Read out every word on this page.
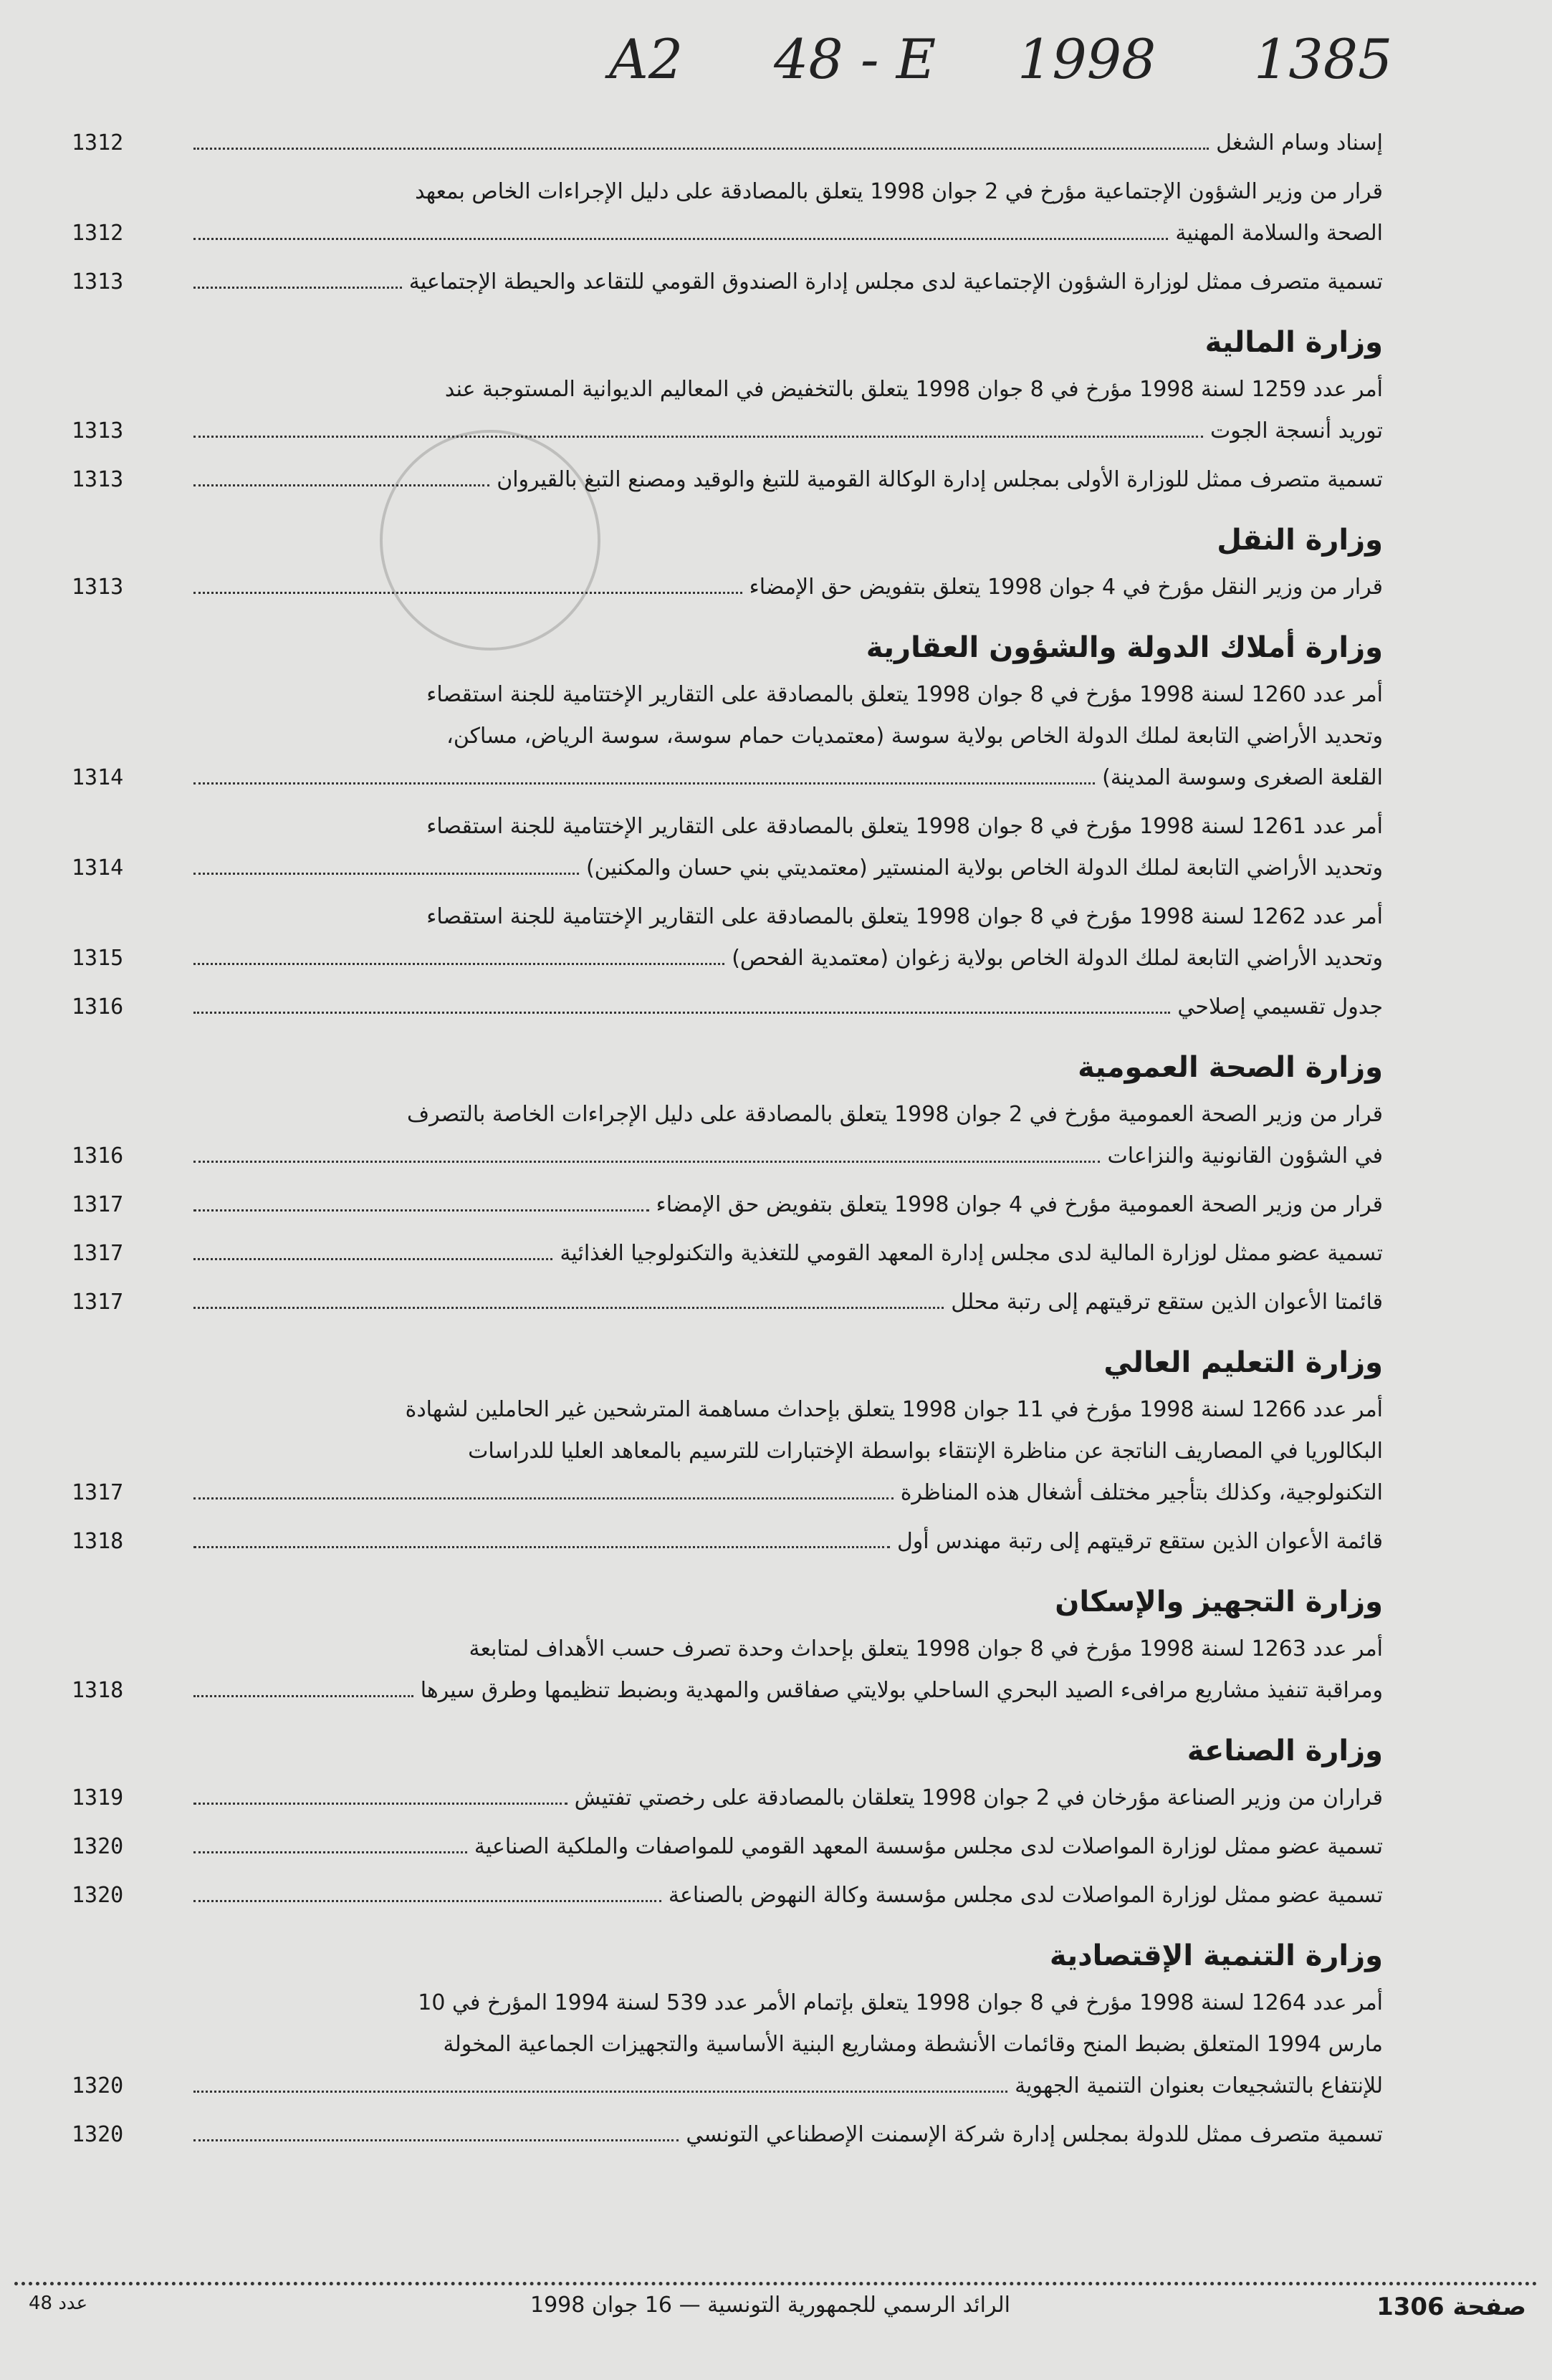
A2 48 - E 1998 1385
إسناد وسام الشغل
1312
قرار من وزير الشؤون الإجتماعية مؤرخ في 2 جوان 1998 يتعلق بالمصادقة على دليل الإجراءات الخاص بمعهد
الصحة والسلامة المهنية
1312
تسمية متصرف ممثل لوزارة الشؤون الإجتماعية لدى مجلس إدارة الصندوق القومي للتقاعد والحيطة الإجتماعية
1313
وزارة المالية
أمر عدد 1259 لسنة 1998 مؤرخ في 8 جوان 1998 يتعلق بالتخفيض في المعاليم الديوانية المستوجبة عند
توريد أنسجة الجوت
1313
تسمية متصرف ممثل للوزارة الأولى بمجلس إدارة الوكالة القومية للتبغ والوقيد ومصنع التبغ بالقيروان
1313
وزارة النقل
قرار من وزير النقل مؤرخ في 4 جوان 1998 يتعلق بتفويض حق الإمضاء
1313
وزارة أملاك الدولة والشؤون العقارية
أمر عدد 1260 لسنة 1998 مؤرخ في 8 جوان 1998 يتعلق بالمصادقة على التقارير الإختتامية للجنة استقصاء
وتحديد الأراضي التابعة لملك الدولة الخاص بولاية سوسة (معتمديات حمام سوسة، سوسة الرياض، مساكن،
القلعة الصغرى وسوسة المدينة)
1314
أمر عدد 1261 لسنة 1998 مؤرخ في 8 جوان 1998 يتعلق بالمصادقة على التقارير الإختتامية للجنة استقصاء
وتحديد الأراضي التابعة لملك الدولة الخاص بولاية المنستير (معتمديتي بني حسان والمكنين)
1314
أمر عدد 1262 لسنة 1998 مؤرخ في 8 جوان 1998 يتعلق بالمصادقة على التقارير الإختتامية للجنة استقصاء
وتحديد الأراضي التابعة لملك الدولة الخاص بولاية زغوان (معتمدية الفحص)
1315
جدول تقسيمي إصلاحي
1316
وزارة الصحة العمومية
قرار من وزير الصحة العمومية مؤرخ في 2 جوان 1998 يتعلق بالمصادقة على دليل الإجراءات الخاصة بالتصرف
في الشؤون القانونية والنزاعات
1316
قرار من وزير الصحة العمومية مؤرخ في 4 جوان 1998 يتعلق بتفويض حق الإمضاء
1317
تسمية عضو ممثل لوزارة المالية لدى مجلس إدارة المعهد القومي للتغذية والتكنولوجيا الغذائية
1317
قائمتا الأعوان الذين ستقع ترقيتهم إلى رتبة محلل
1317
وزارة التعليم العالي
أمر عدد 1266 لسنة 1998 مؤرخ في 11 جوان 1998 يتعلق بإحداث مساهمة المترشحين غير الحاملين لشهادة
البكالوريا في المصاريف الناتجة عن مناظرة الإنتقاء بواسطة الإختبارات للترسيم بالمعاهد العليا للدراسات
التكنولوجية، وكذلك بتأجير مختلف أشغال هذه المناظرة
1317
قائمة الأعوان الذين ستقع ترقيتهم إلى رتبة مهندس أول
1318
وزارة التجهيز والإسكان
أمر عدد 1263 لسنة 1998 مؤرخ في 8 جوان 1998 يتعلق بإحداث وحدة تصرف حسب الأهداف لمتابعة
ومراقبة تنفيذ مشاريع مرافىء الصيد البحري الساحلي بولايتي صفاقس والمهدية وبضبط تنظيمها وطرق سيرها
1318
وزارة الصناعة
قراران من وزير الصناعة مؤرخان في 2 جوان 1998 يتعلقان بالمصادقة على رخصتي تفتيش
1319
تسمية عضو ممثل لوزارة المواصلات لدى مجلس مؤسسة المعهد القومي للمواصفات والملكية الصناعية
1320
تسمية عضو ممثل لوزارة المواصلات لدى مجلس مؤسسة وكالة النهوض بالصناعة
1320
وزارة التنمية الإقتصادية
أمر عدد 1264 لسنة 1998 مؤرخ في 8 جوان 1998 يتعلق بإتمام الأمر عدد 539 لسنة 1994 المؤرخ في 10
مارس 1994 المتعلق بضبط المنح وقائمات الأنشطة ومشاريع البنية الأساسية والتجهيزات الجماعية المخولة
للإنتفاع بالتشجيعات بعنوان التنمية الجهوية
1320
تسمية متصرف ممثل للدولة بمجلس إدارة شركة الإسمنت الإصطناعي التونسي
1320
صفحة 1306
الرائد الرسمي للجمهورية التونسية — 16 جوان 1998
عدد 48
